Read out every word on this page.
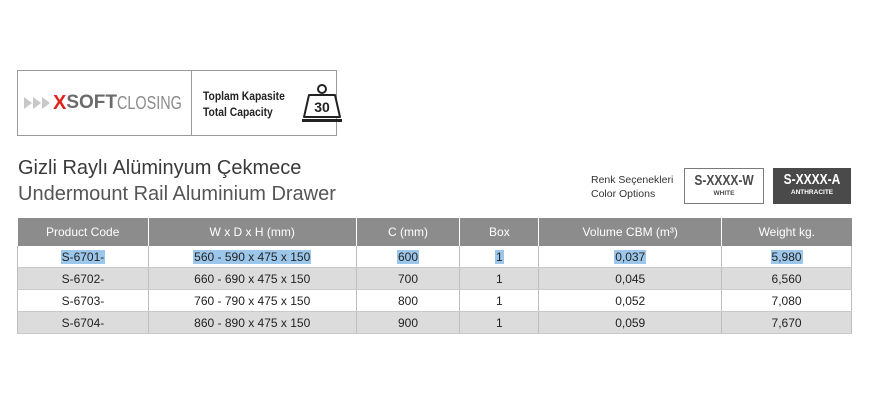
X SOFT CLOSING Toplam Kapasite
Total Capacity	30
Gizli Raylı Alüminyum Çekmece
Undermount Rail Aluminium Drawer
Renk Seçenekleri
Color Options
S-XXXX-W
WHITE
S-XXXX-A
ANTHRACITE
Product Code	W x D x H (mm)	C (mm)	Box	Volume CBM (m³)	Weight kg.
S-6701-	560 - 590 x 475 x 150	600	1	0,037	5,980
S-6702-	660 - 690 x 475 x 150	700	1	0,045	6,560
S-6703-	760 - 790 x 475 x 150	800	1	0,052	7,080
S-6704-	860 - 890 x 475 x 150	900	1	0,059	7,670
